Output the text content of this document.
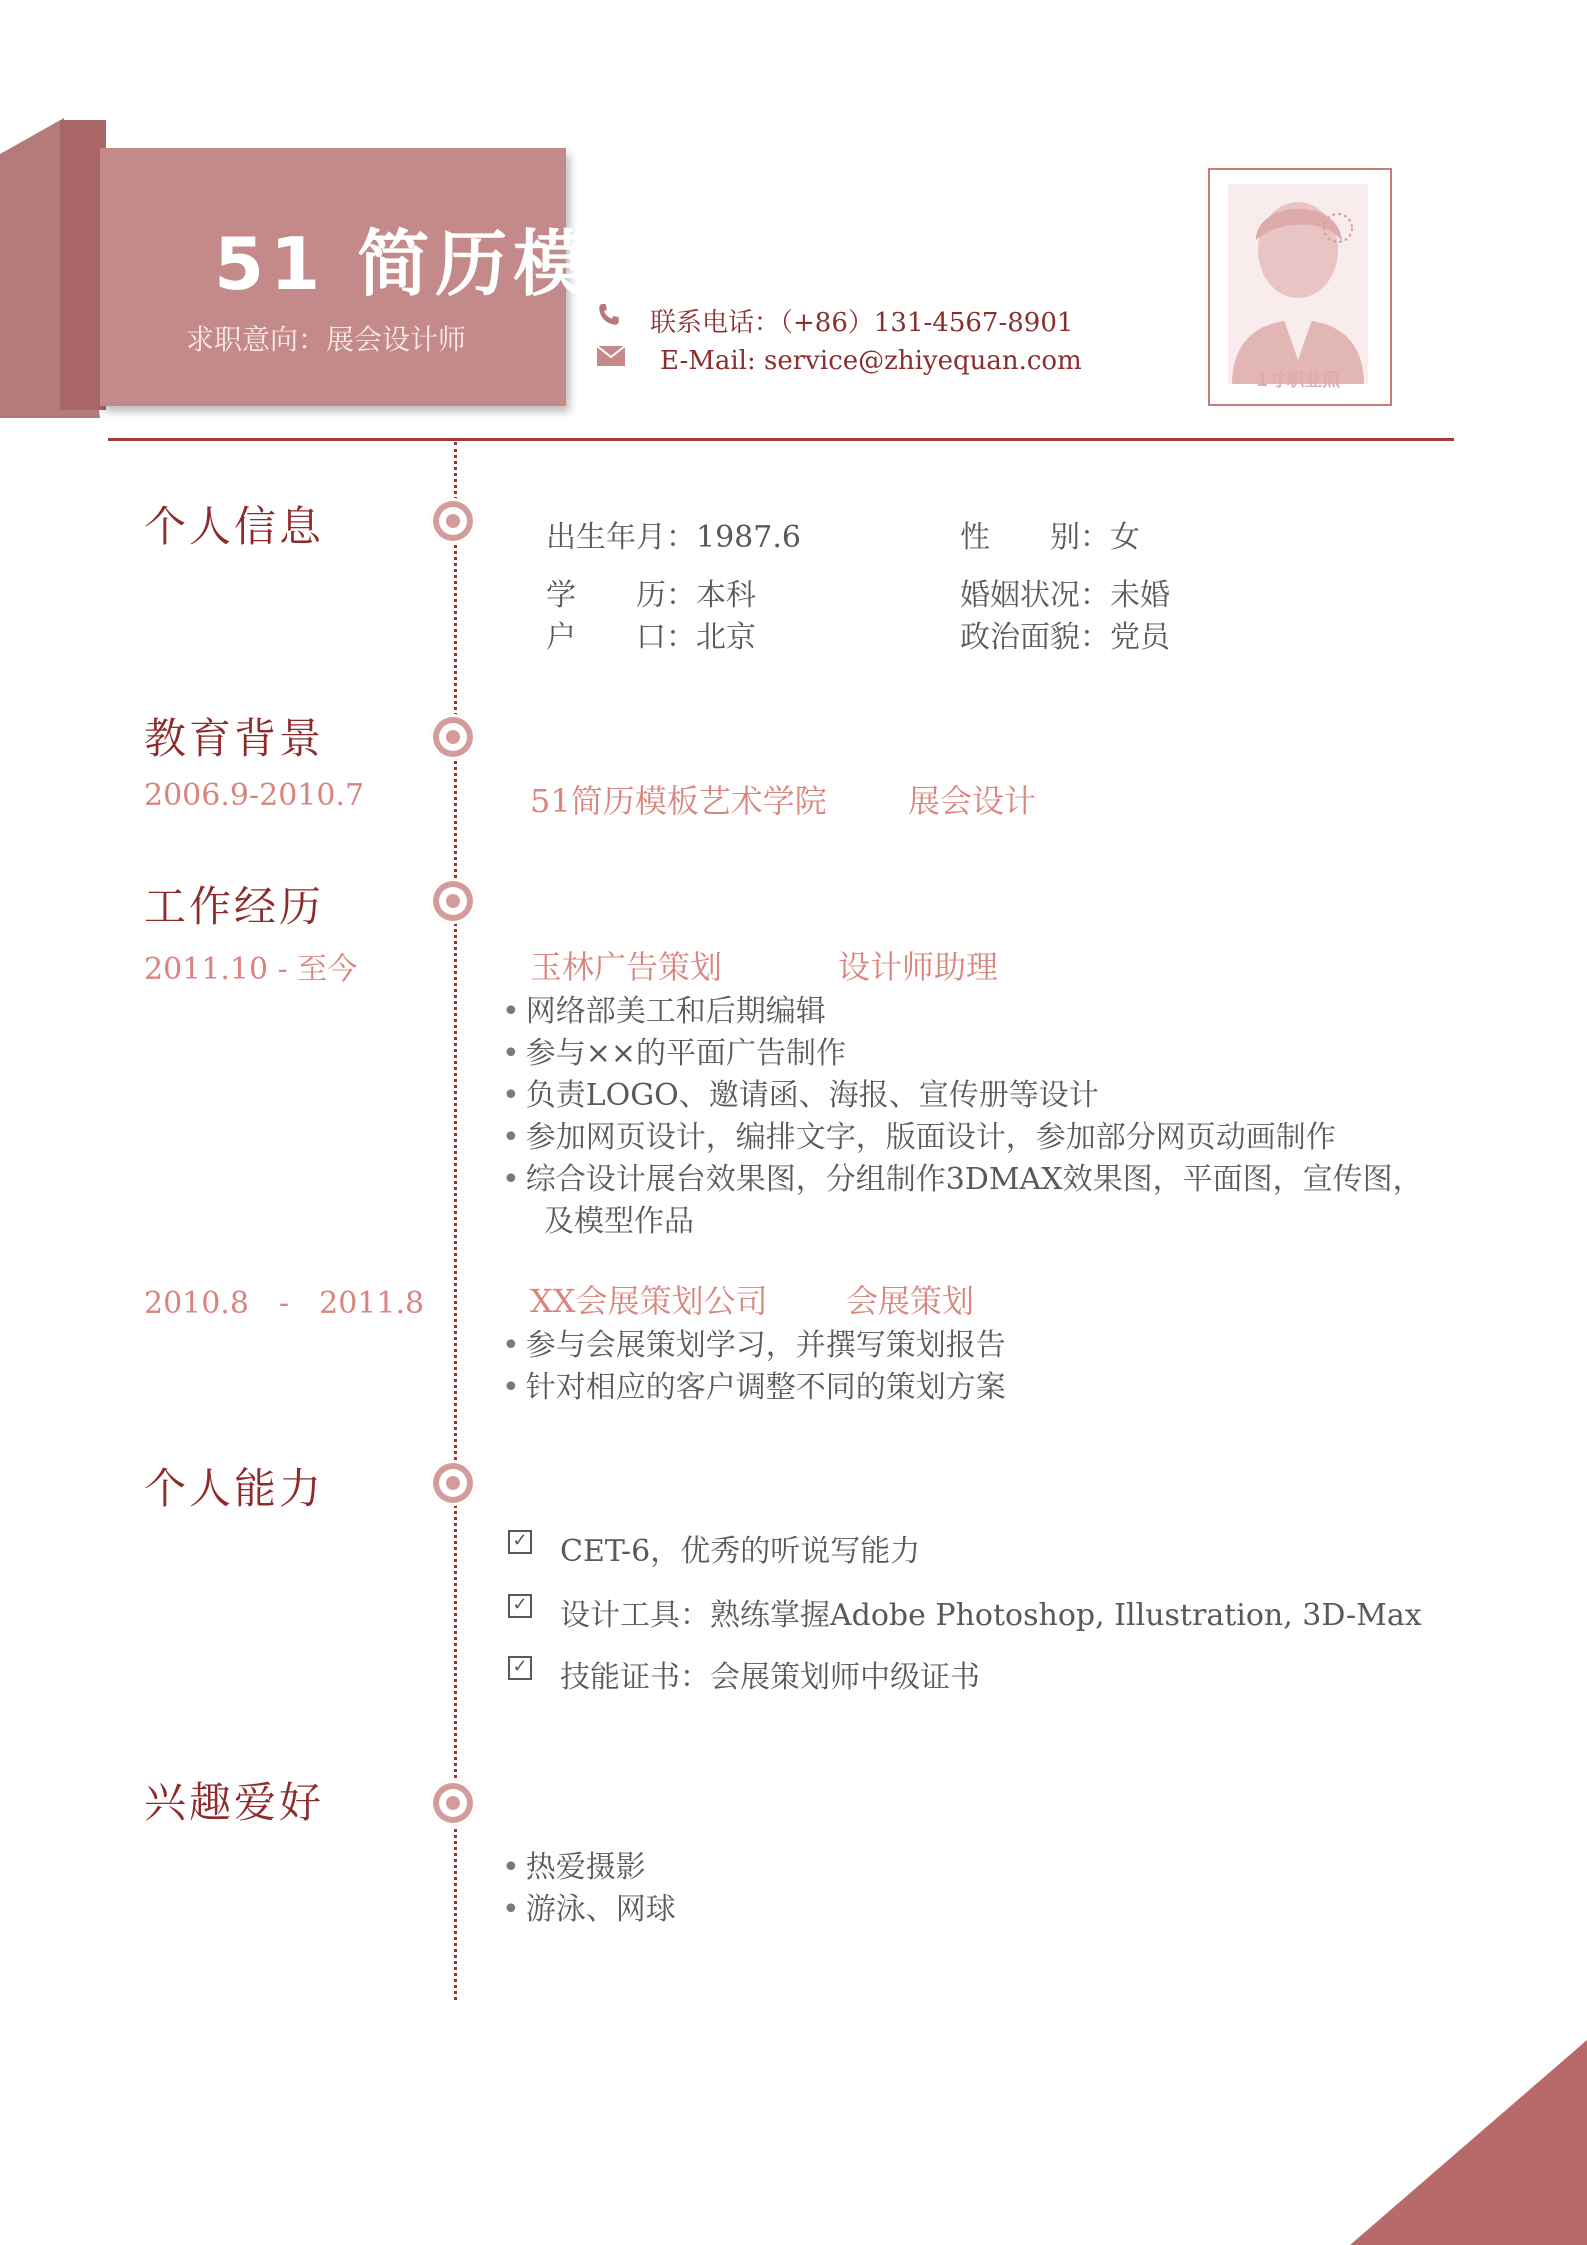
51 简历模
求职意向：展会设计师	联系电话：（+86）131-4567-8901
E-Mail: service@zhiyequan.com
1寸职业照
个人信息	出生年月：1987.6	性　　别：女
学　　历：本科	婚姻状况：未婚
户　　口：北京	政治面貌：党员
教育背景
2006.9-2010.7	51简历模板艺术学院	展会设计
工作经历
2011.10 - 至今	玉林广告策划	设计师助理
• 网络部美工和后期编辑
• 参与××的平面广告制作
• 负责LOGO、邀请函、海报、宣传册等设计
• 参加网页设计，编排文字，版面设计，参加部分网页动画制作
• 综合设计展台效果图，分组制作3DMAX效果图，平面图，宣传图，
及模型作品
2010.8　-　2011.8	XX会展策划公司 会展策划
• 参与会展策划学习，并撰写策划报告
• 针对相应的客户调整不同的策划方案
个人能力
✓ CET-6，优秀的听说写能力
✓ 设计工具：熟练掌握Adobe Photoshop, Illustration, 3D-Max
✓ 技能证书：会展策划师中级证书
兴趣爱好
• 热爱摄影
• 游泳、网球
